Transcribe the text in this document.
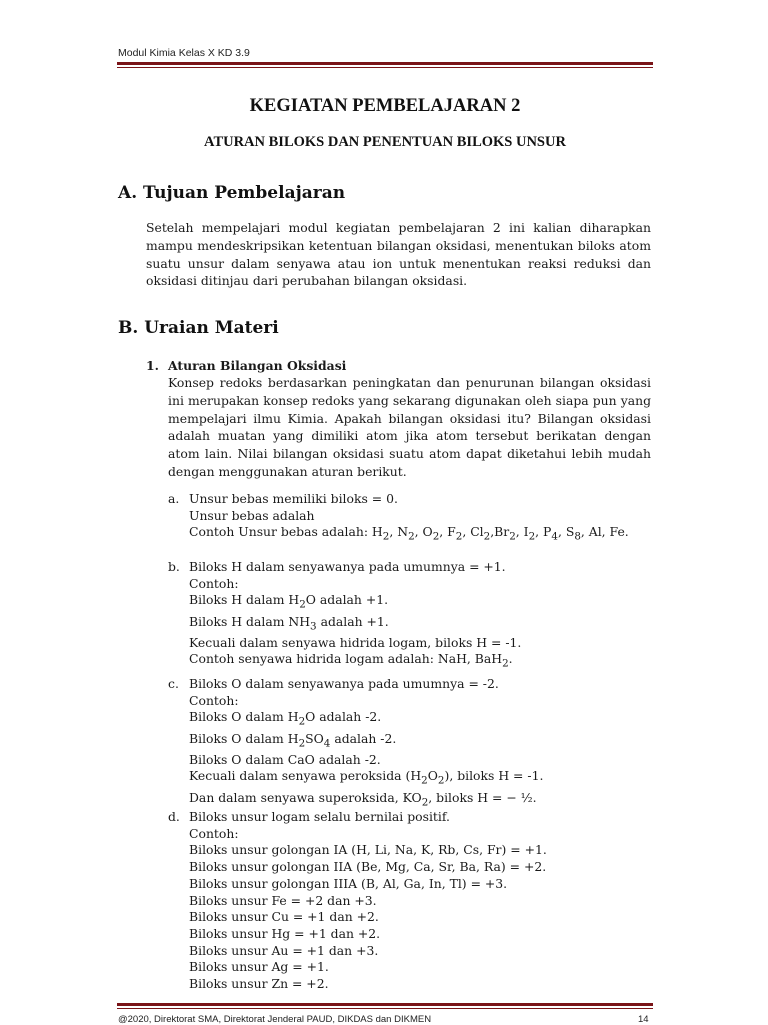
Modul Kimia Kelas X KD 3.9
KEGIATAN PEMBELAJARAN 2
ATURAN BILOKS DAN PENENTUAN BILOKS UNSUR
A. Tujuan Pembelajaran

Setelah mempelajari modul kegiatan pembelajaran 2 ini kalian diharapkan mampu mendeskripsikan ketentuan bilangan oksidasi, menentukan biloks atom suatu unsur dalam senyawa atau ion untuk menentukan reaksi reduksi dan oksidasi ditinjau dari perubahan bilangan oksidasi.

B. Uraian Materi
1. Aturan Bilangan Oksidasi

Konsep redoks berdasarkan peningkatan dan penurunan bilangan oksidasi ini merupakan konsep redoks yang sekarang digunakan oleh siapa pun yang mempelajari ilmu Kimia. Apakah bilangan oksidasi itu? Bilangan oksidasi adalah muatan yang dimiliki atom jika atom tersebut berikatan dengan atom lain. Nilai bilangan oksidasi suatu atom dapat diketahui lebih mudah dengan menggunakan aturan berikut.

a. Unsur bebas memiliki biloks = 0.
Unsur bebas adalah
Contoh Unsur bebas adalah: $H_2$, $N_2$, $O_2$, $F_2$, $Cl_2,Br_2$, $I_2$, $P_4$, $S_8$, Al, Fe.
b. Biloks H dalam senyawanya pada umumnya = +1.
Contoh:
Biloks H dalam $H_2O$ adalah +1.
Biloks H dalam $NH_3$ adalah +1.
Kecuali dalam senyawa hidrida logam, biloks H = -1.
Contoh senyawa hidrida logam adalah: NaH, BaH$_2$.
c. Biloks O dalam senyawanya pada umumnya = -2.
Contoh:
Biloks O dalam $H_2O$ adalah -2.
Biloks O dalam $H_2SO_4$ adalah -2.
Biloks O dalam CaO adalah -2.
Kecuali dalam senyawa peroksida $(H_2O_2)$, biloks H = -1.
Dan dalam senyawa superoksida, $KO_2$, biloks H = − ½.
d. Biloks unsur logam selalu bernilai positif.
Contoh:
Biloks unsur golongan IA (H, Li, Na, K, Rb, Cs, Fr) = +1.
Biloks unsur golongan IIA (Be, Mg, Ca, Sr, Ba, Ra) = +2.
Biloks unsur golongan IIIA (B, Al, Ga, In, Tl) = +3.
Biloks unsur Fe = +2 dan +3.
Biloks unsur Cu = +1 dan +2.
Biloks unsur Hg = +1 dan +2.
Biloks unsur Au = +1 dan +3.
Biloks unsur Ag = +1.
Biloks unsur Zn = +2.
@2020, Direktorat SMA, Direktorat Jenderal PAUD, DIKDAS dan DIKMEN	14
